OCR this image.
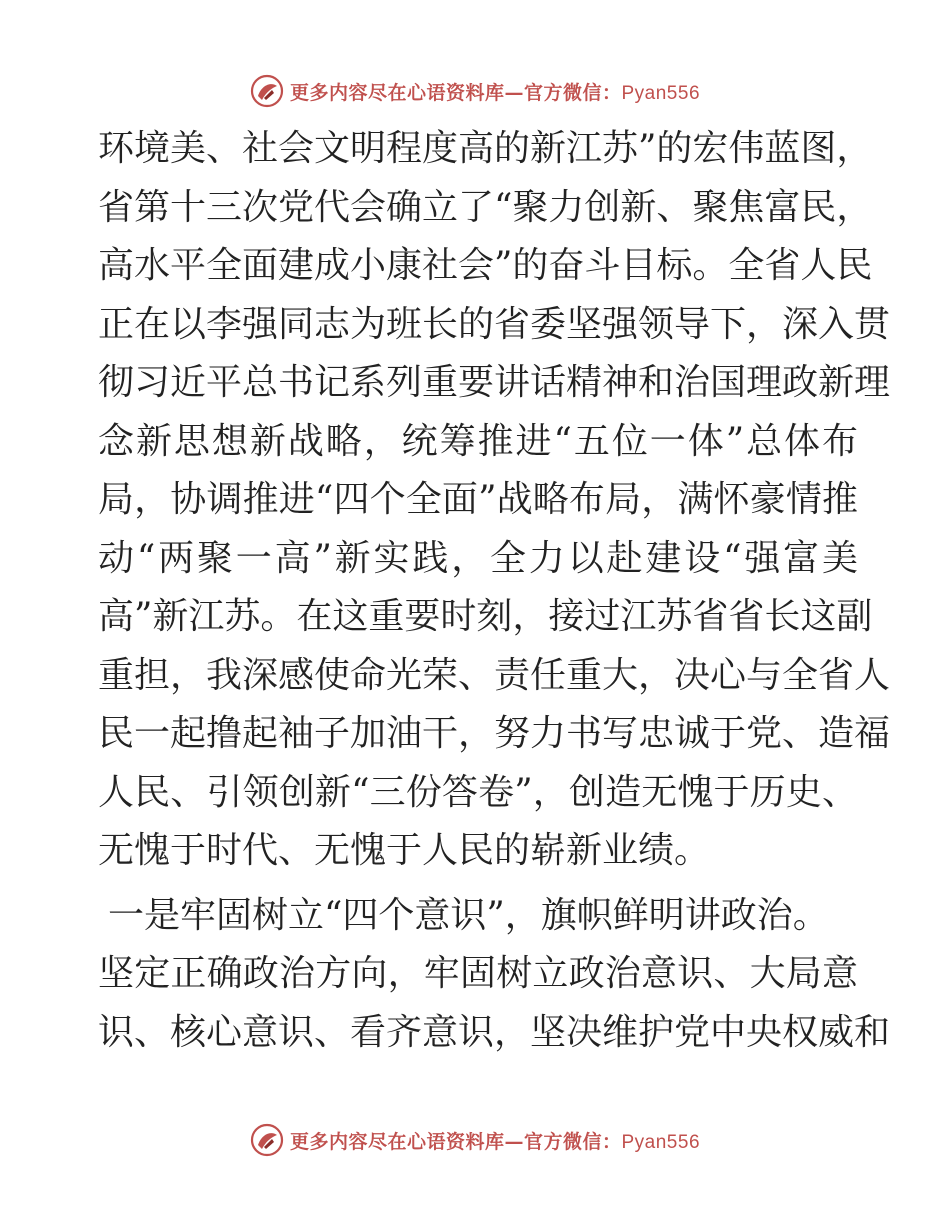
更多内容尽在心语资料库—官方微信：Pyan556
环境美、社会文明程度高的新江苏”的宏伟蓝图，
省第十三次党代会确立了“聚力创新、聚焦富民，
高水平全面建成小康社会”的奋斗目标。全省人民
正在以李强同志为班长的省委坚强领导下，深入贯
彻习近平总书记系列重要讲话精神和治国理政新理
念新思想新战略，统筹推进“五位一体”总体布
局，协调推进“四个全面”战略布局，满怀豪情推
动“两聚一高”新实践，全力以赴建设“强富美
高”新江苏。在这重要时刻，接过江苏省省长这副
重担，我深感使命光荣、责任重大，决心与全省人
民一起撸起袖子加油干，努力书写忠诚于党、造福
人民、引领创新“三份答卷”，创造无愧于历史、
无愧于时代、无愧于人民的崭新业绩。
一是牢固树立“四个意识”，旗帜鲜明讲政治。
坚定正确政治方向，牢固树立政治意识、大局意
识、核心意识、看齐意识，坚决维护党中央权威和
更多内容尽在心语资料库—官方微信：Pyan556
